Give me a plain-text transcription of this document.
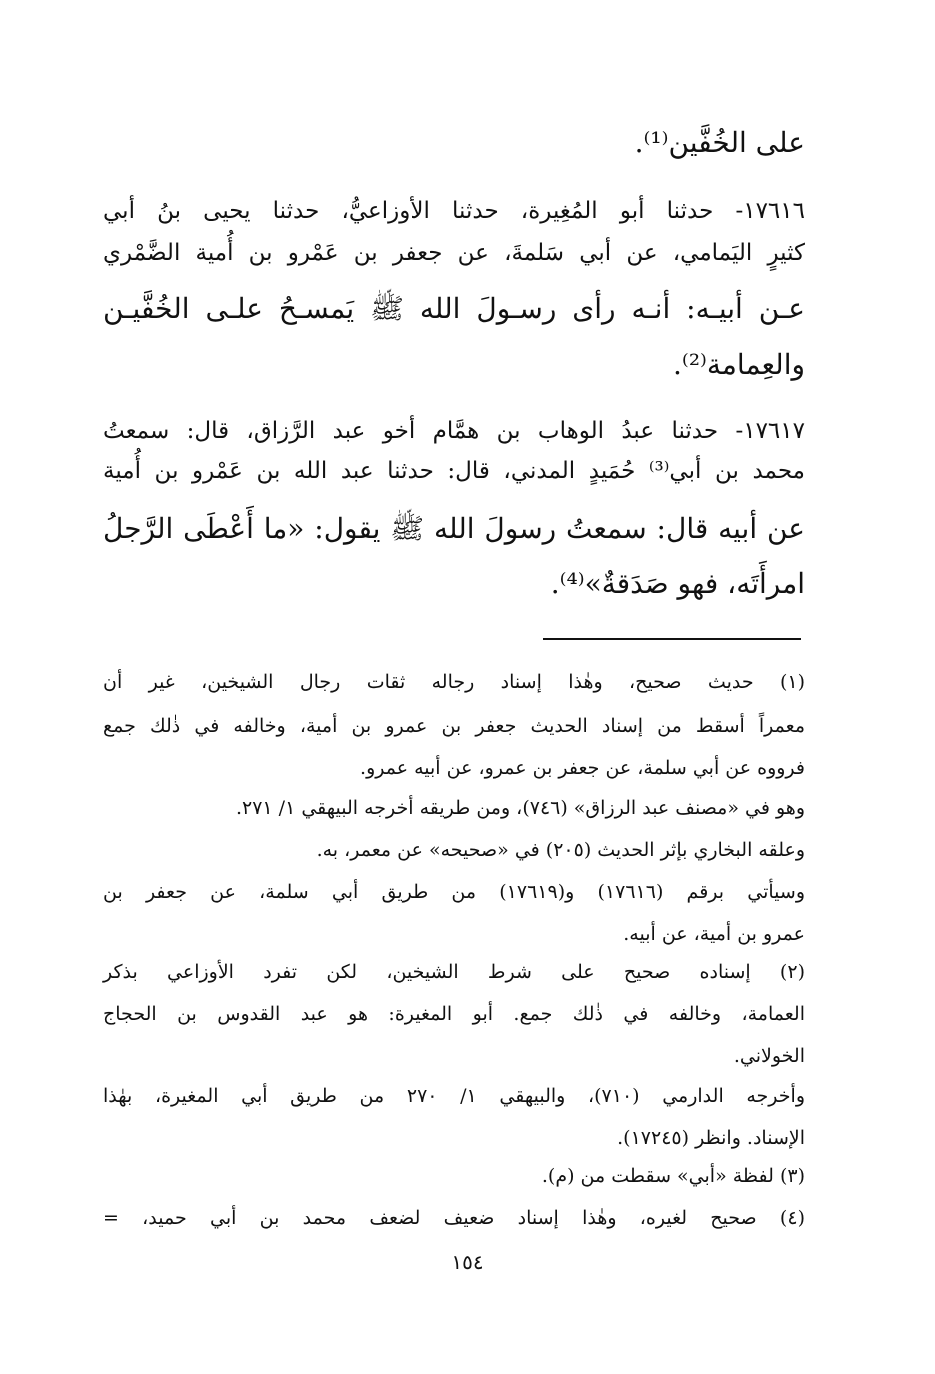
على الخُفَّين⁽¹⁾.
١٧٦١٦- حدثنا أبو المُغِيرة، حدثنا الأوزاعيُّ، حدثنا يحيى بنُ أبي
كثيرٍ اليَمامي، عن أبي سَلمةَ، عن جعفر بن عَمْرو بن أُمية الضَّمْري
عـن أبيـه: أنـه رأى رسـولَ الله ﷺ يَمسـحُ علـى الخُفَّيـن
والعِمامة⁽²⁾.
١٧٦١٧- حدثنا عبدُ الوهاب بن همَّام أخو عبد الرَّزاق، قال: سمعتُ
محمد بن أبي⁽³⁾ حُمَيدٍ المدني، قال: حدثنا عبد الله بن عَمْرو بن أُمية
عن أبيه قال: سمعتُ رسولَ الله ﷺ يقول: «ما أَعْطَى الرَّجلُ
امرأَتَه، فهو صَدَقةٌ»⁽⁴⁾.
(١) حديث صحيح، وهٰذا إسناد رجاله ثقات رجال الشيخين، غير أن
معمراً أسقط من إسناد الحديث جعفر بن عمرو بن أمية، وخالفه في ذٰلك جمع
فرووه عن أبي سلمة، عن جعفر بن عمرو، عن أبيه عمرو.
وهو في «مصنف عبد الرزاق» (٧٤٦)، ومن طريقه أخرجه البيهقي ١/ ٢٧١.
وعلقه البخاري بإثر الحديث (٢٠٥) في «صحيحه» عن معمر، به.
وسيأتي برقم (١٧٦١٦) و(١٧٦١٩) من طريق أبي سلمة، عن جعفر بن
عمرو بن أمية، عن أبيه.
(٢) إسناده صحيح على شرط الشيخين، لكن تفرد الأوزاعي بذكر
العمامة، وخالفه في ذٰلك جمع. أبو المغيرة: هو عبد القدوس بن الحجاج
الخولاني.
وأخرجه الدارمي (٧١٠)، والبيهقي ١/ ٢٧٠ من طريق أبي المغيرة، بهٰذا
الإسناد. وانظر (١٧٢٤٥).
(٣) لفظة «أبي» سقطت من (م).
(٤) صحيح لغيره، وهٰذا إسناد ضعيف لضعف محمد بن أبي حميد، =
١٥٤
